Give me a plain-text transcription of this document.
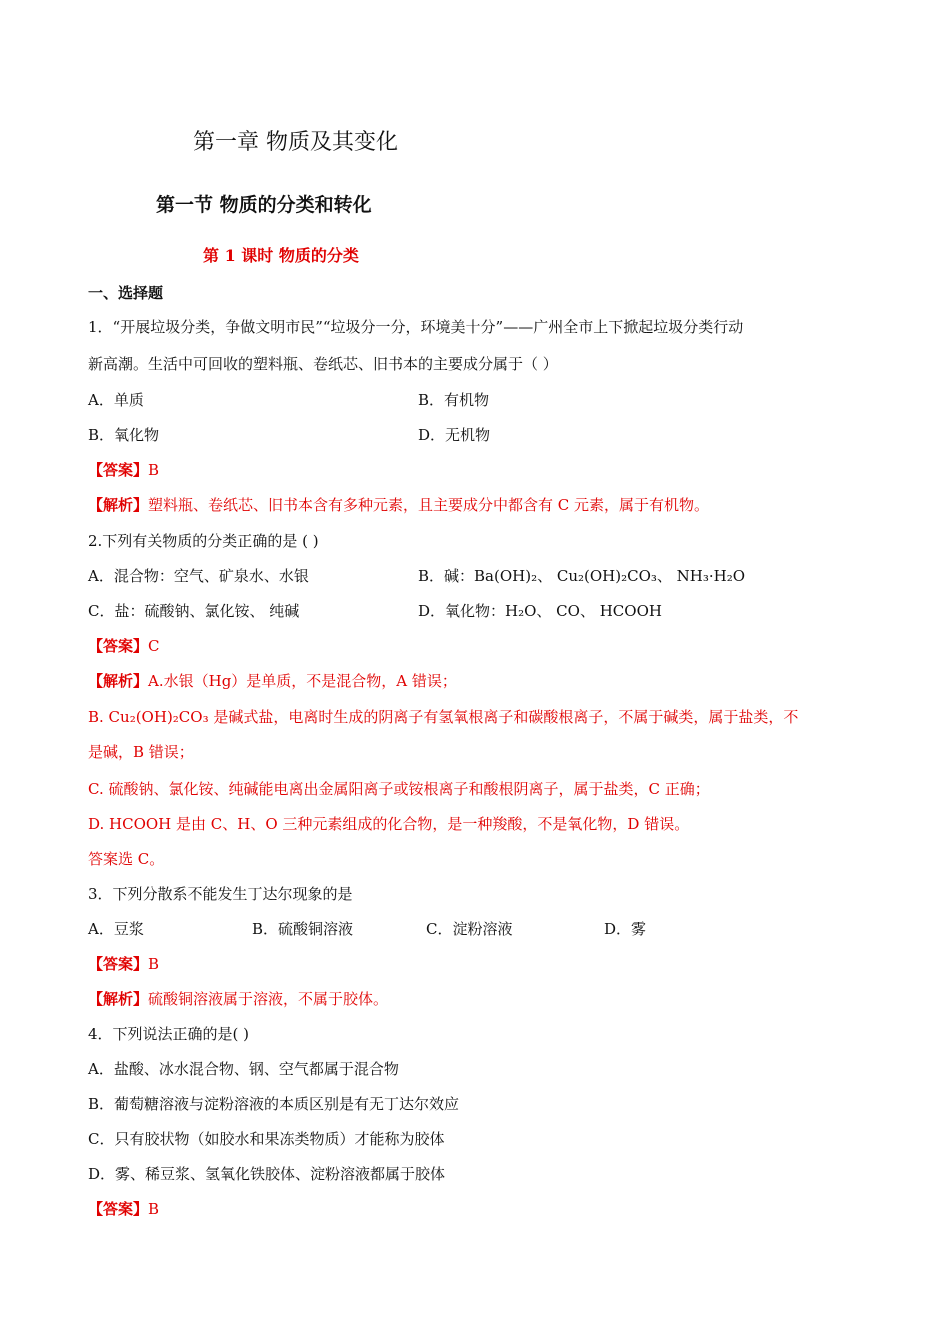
第一章 物质及其变化
第一节 物质的分类和转化
第 1 课时 物质的分类
一、选择题
1．“开展垃圾分类，争做文明市民”“垃圾分一分，环境美十分”——广州全市上下掀起垃圾分类行动
新高潮。生活中可回收的塑料瓶、卷纸芯、旧书本的主要成分属于（ ）
A．单质	B．有机物
B．氧化物	D．无机物
【答案】B
【解析】塑料瓶、卷纸芯、旧书本含有多种元素，且主要成分中都含有 C 元素，属于有机物。
2.下列有关物质的分类正确的是 ( )
A．混合物：空气、矿泉水、水银	B．碱：Ba(OH)₂、 Cu₂(OH)₂CO₃、 NH₃·H₂O
C．盐：硫酸钠、氯化铵、 纯碱	D．氧化物：H₂O、 CO、 HCOOH
【答案】C
【解析】A.水银（Hg）是单质，不是混合物，A 错误；
B. Cu₂(OH)₂CO₃ 是碱式盐，电离时生成的阴离子有氢氧根离子和碳酸根离子，不属于碱类，属于盐类，不
是碱，B 错误；
C. 硫酸钠、氯化铵、纯碱能电离出金属阳离子或铵根离子和酸根阴离子，属于盐类，C 正确；
D. HCOOH 是由 C、H、O 三种元素组成的化合物，是一种羧酸，不是氧化物，D 错误。
答案选 C。
3．下列分散系不能发生丁达尔现象的是
A．豆浆	B．硫酸铜溶液	C．淀粉溶液	D．雾
【答案】B
【解析】硫酸铜溶液属于溶液，不属于胶体。
4．下列说法正确的是( )
A．盐酸、冰水混合物、钢、空气都属于混合物
B．葡萄糖溶液与淀粉溶液的本质区别是有无丁达尔效应
C．只有胶状物（如胶水和果冻类物质）才能称为胶体
D．雾、稀豆浆、氢氧化铁胶体、淀粉溶液都属于胶体
【答案】B
